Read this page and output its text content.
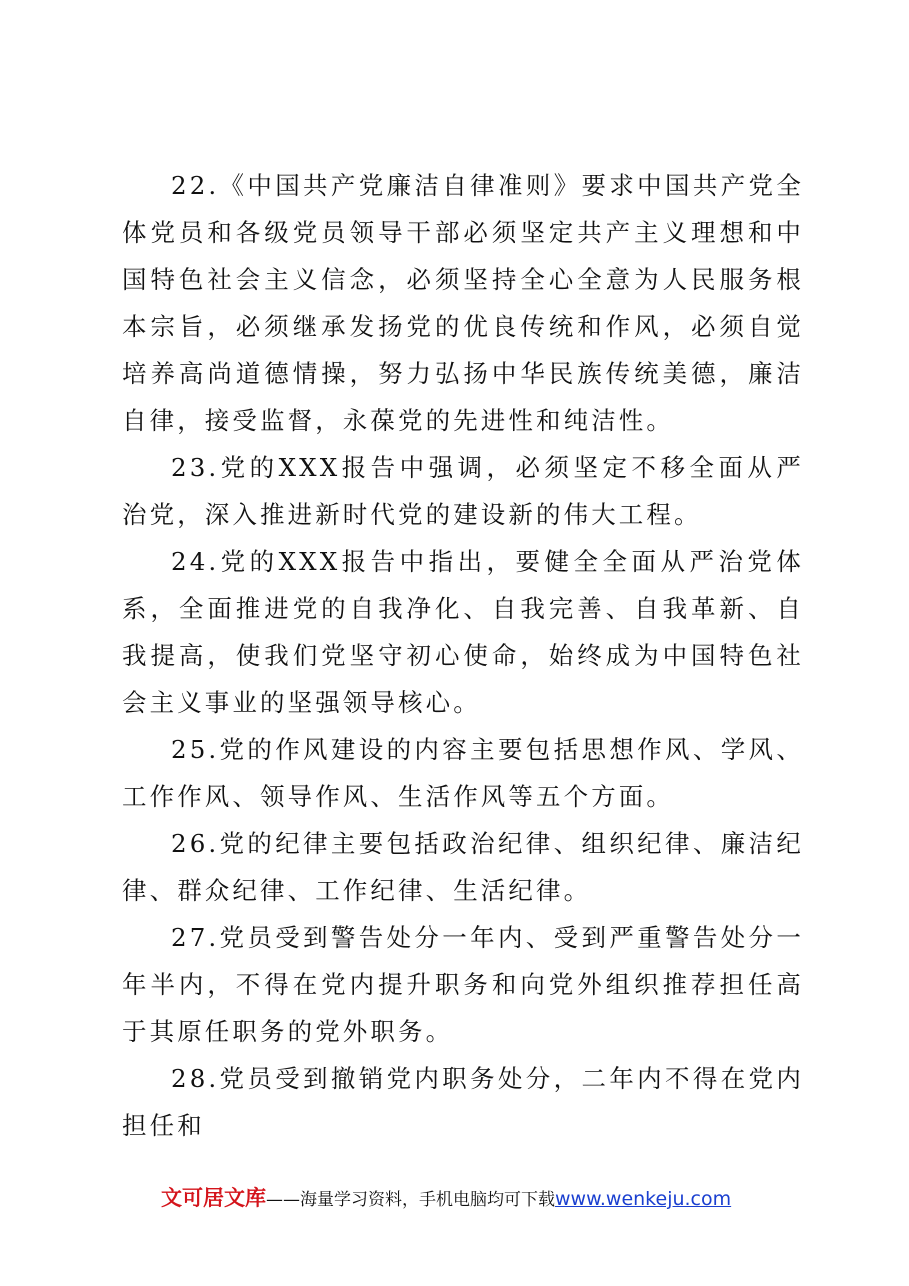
22.《中国共产党廉洁自律准则》要求中国共产党全体党员和各级党员领导干部必须坚定共产主义理想和中国特色社会主义信念，必须坚持全心全意为人民服务根本宗旨，必须继承发扬党的优良传统和作风，必须自觉培养高尚道德情操，努力弘扬中华民族传统美德，廉洁自律，接受监督，永葆党的先进性和纯洁性。

23.党的XXX报告中强调，必须坚定不移全面从严治党，深入推进新时代党的建设新的伟大工程。

24.党的XXX报告中指出，要健全全面从严治党体系，全面推进党的自我净化、自我完善、自我革新、自我提高，使我们党坚守初心使命，始终成为中国特色社会主义事业的坚强领导核心。

25.党的作风建设的内容主要包括思想作风、学风、工作作风、领导作风、生活作风等五个方面。

26.党的纪律主要包括政治纪律、组织纪律、廉洁纪律、群众纪律、工作纪律、生活纪律。

27.党员受到警告处分一年内、受到严重警告处分一年半内，不得在党内提升职务和向党外组织推荐担任高于其原任职务的党外职务。

28.党员受到撤销党内职务处分，二年内不得在党内担任和

文可居文库——海量学习资料，手机电脑均可下载www.wenkeju.com
